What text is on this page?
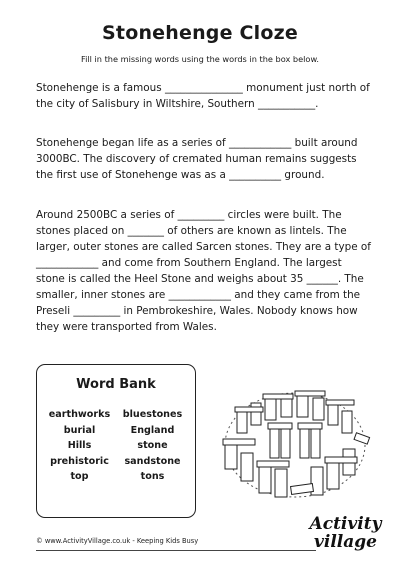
Stonehenge Cloze
Fill in the missing words using the words in the box below.
Stonehenge is a famous _______________ monument just north of the city of Salisbury in Wiltshire, Southern ___________.
Stonehenge began life as a series of ____________ built around 3000BC. The discovery of cremated human remains suggests the first use of Stonehenge was as a __________ ground.
Around 2500BC a series of _________ circles were built. The stones placed on _______ of others are known as lintels. The larger, outer stones are called Sarcen stones. They are a type of ____________ and come from Southern England. The largest stone is called the Heel Stone and weighs about 35 ______. The smaller, inner stones are ____________ and they came from the Preseli _________ in Pembrokeshire, Wales. Nobody knows how they were transported from Wales.
Word Bank
earthworks	bluestones
burial	England
Hills	stone
prehistoric	sandstone
top	tons
© www.ActivityVillage.co.uk - Keeping Kids Busy
Activity
village
